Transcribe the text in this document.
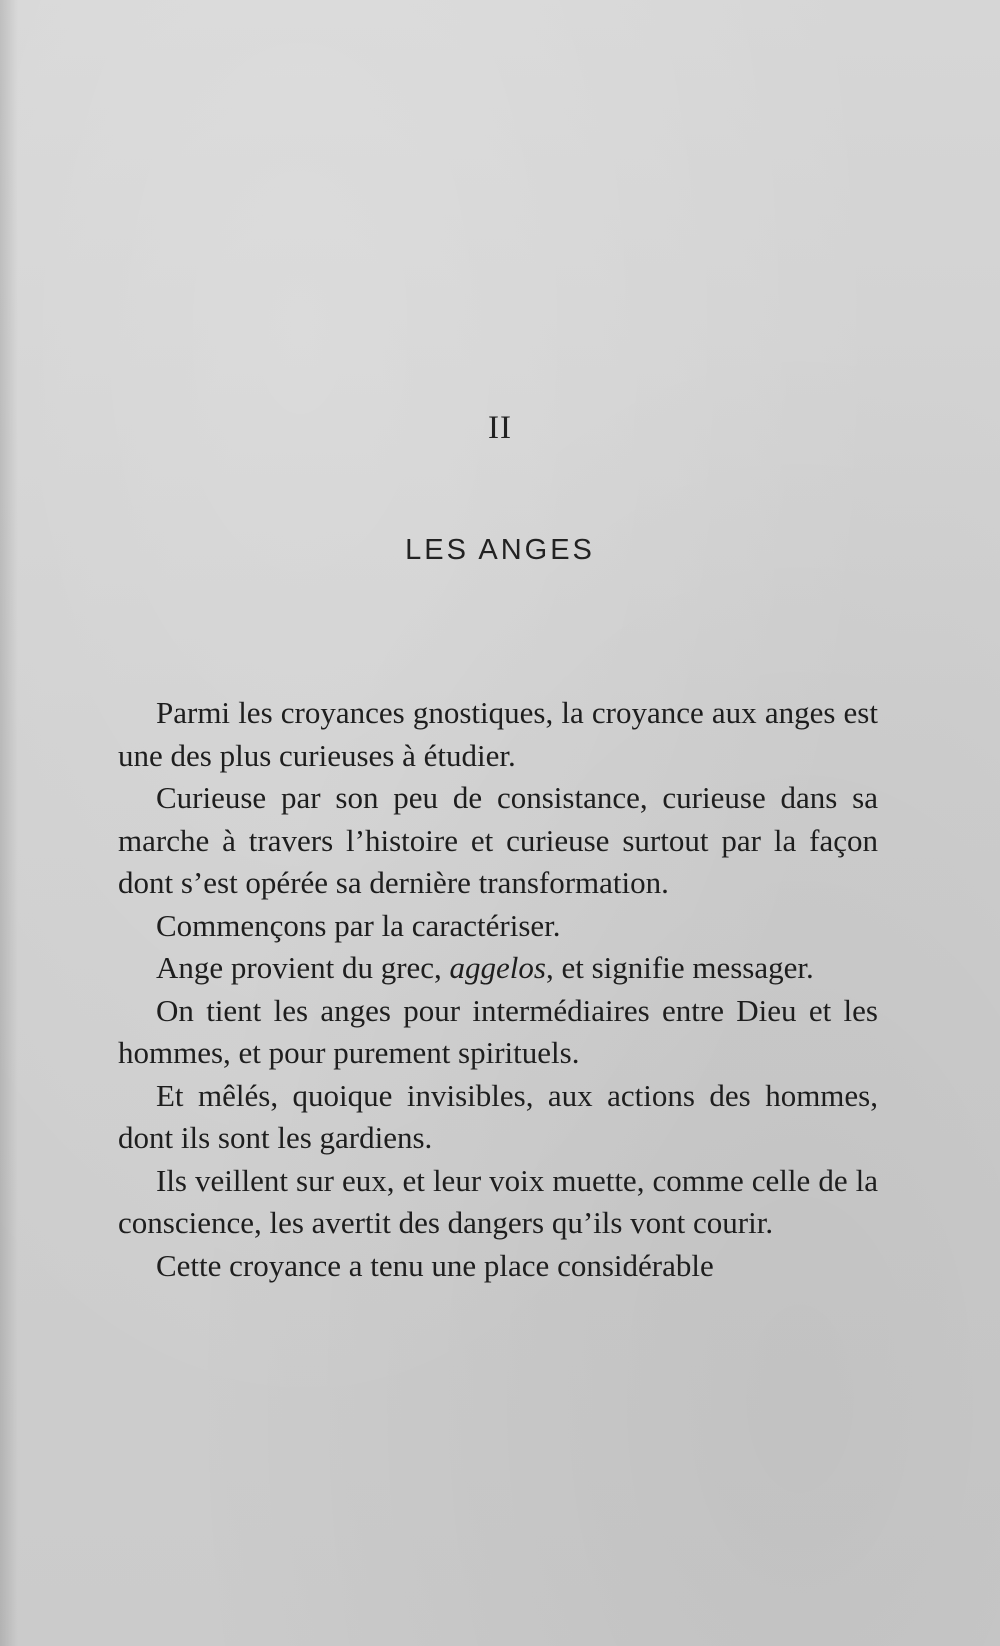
II
LES ANGES

Parmi les croyances gnostiques, la croyance aux anges est une des plus curieuses à étudier.

Curieuse par son peu de consistance, curieuse dans sa marche à travers l’histoire et curieuse surtout par la façon dont s’est opérée sa dernière transformation.

Commençons par la caractériser.

Ange provient du grec, aggelos, et signifie messager.

On tient les anges pour intermédiaires entre Dieu et les hommes, et pour purement spirituels.

Et mêlés, quoique invisibles, aux actions des hommes, dont ils sont les gardiens.

Ils veillent sur eux, et leur voix muette, comme celle de la conscience, les avertit des dangers qu’ils vont courir.

Cette croyance a tenu une place considérable
